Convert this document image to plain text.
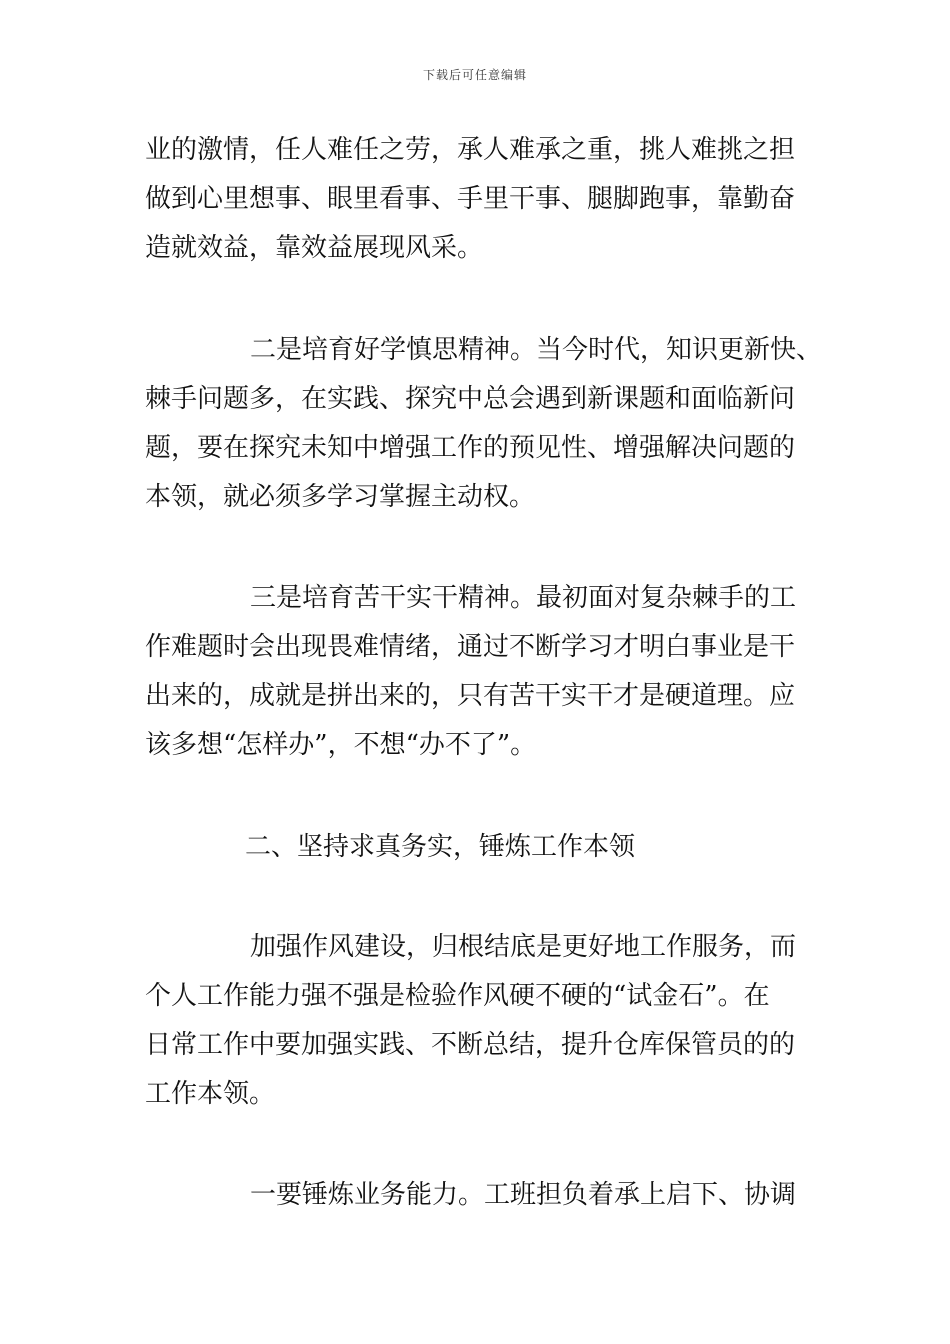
下载后可任意编辑
业的激情，任人难任之劳，承人难承之重，挑人难挑之担
做到心里想事、眼里看事、手里干事、腿脚跑事，靠勤奋
造就效益，靠效益展现风采。
二是培育好学慎思精神。当今时代，知识更新快、
棘手问题多，在实践、探究中总会遇到新课题和面临新问
题，要在探究未知中增强工作的预见性、增强解决问题的
本领，就必须多学习掌握主动权。
三是培育苦干实干精神。最初面对复杂棘手的工
作难题时会出现畏难情绪，通过不断学习才明白事业是干
出来的，成就是拼出来的，只有苦干实干才是硬道理。应
该多想“怎样办”，不想“办不了”。
二、坚持求真务实，锤炼工作本领
加强作风建设，归根结底是更好地工作服务，而
个人工作能力强不强是检验作风硬不硬的“试金石”。在
日常工作中要加强实践、不断总结，提升仓库保管员的的
工作本领。
一要锤炼业务能力。工班担负着承上启下、协调
